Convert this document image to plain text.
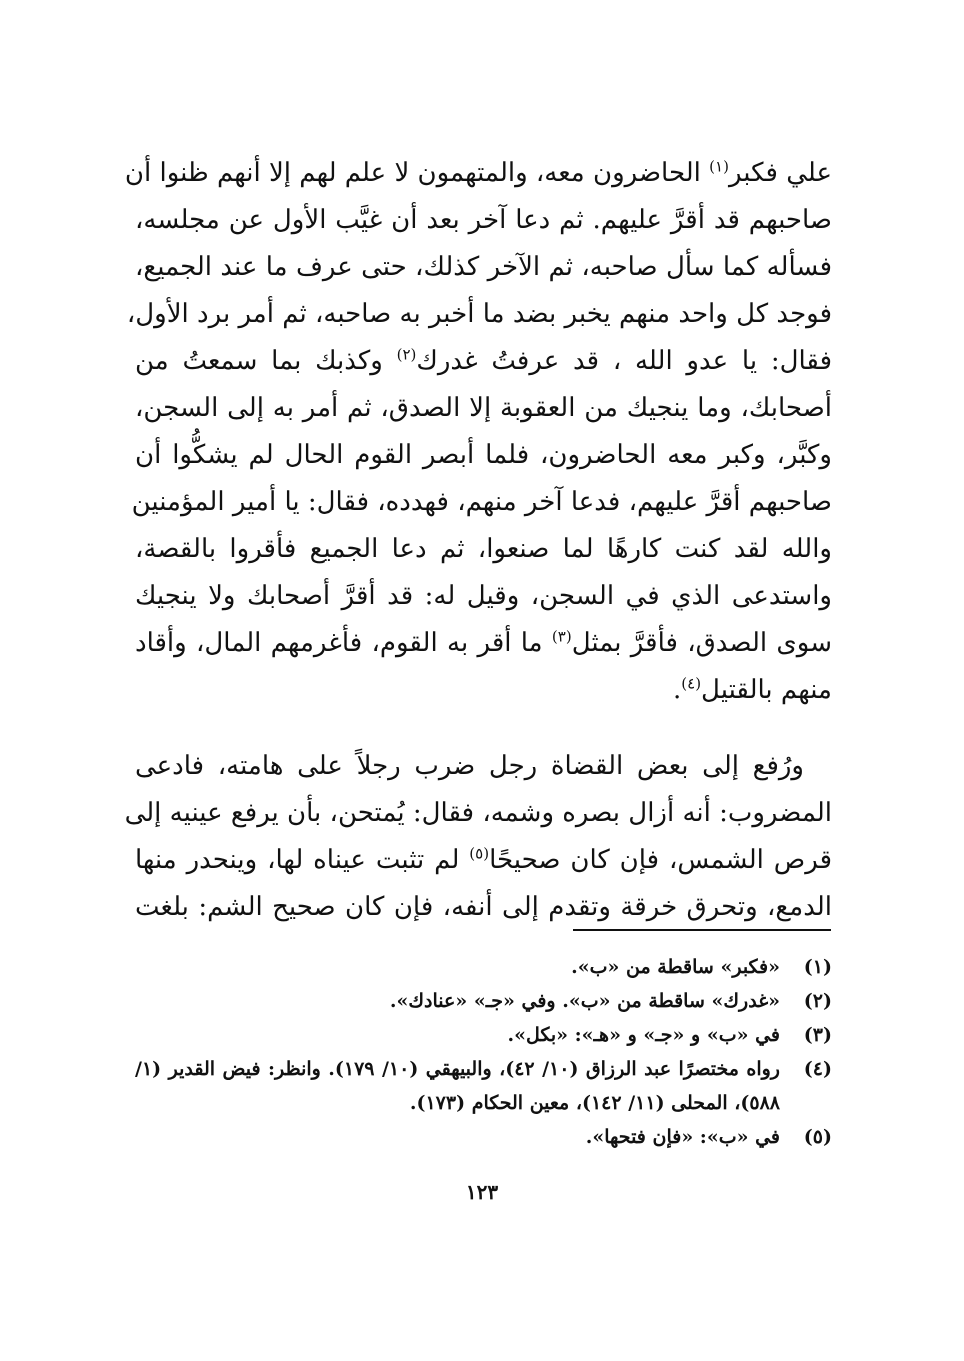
علي فكبر$^{(١)}$ الحاضرون معه، والمتهمون لا علم لهم إلا أنهم ظنوا أن
صاحبهم قد أقرَّ عليهم. ثم دعا آخر بعد أن غيَّب الأول عن مجلسه،
فسأله كما سأل صاحبه، ثم الآخر كذلك، حتى عرف ما عند الجميع،
فوجد كل واحد منهم يخبر بضد ما أخبر به صاحبه، ثم أمر برد الأول،
فقال: يا عدو الله ، قد عرفتُ غدرك$^{(٢)}$ وكذبك بما سمعتُ من
أصحابك، وما ينجيك من العقوبة إلا الصدق، ثم أمر به إلى السجن،
وكبَّر، وكبر معه الحاضرون، فلما أبصر القوم الحال لم يشكُّوا أن
صاحبهم أقرَّ عليهم، فدعا آخر منهم، فهدده، فقال: يا أمير المؤمنين
والله لقد كنت كارهًا لما صنعوا، ثم دعا الجميع فأقروا بالقصة،
واستدعى الذي في السجن، وقيل له: قد أقرَّ أصحابك ولا ينجيك
سوى الصدق، فأقرَّ بمثل$^{(٣)}$ ما أقر به القوم، فأغرمهم المال، وأقاد
منهم بالقتيل$^{(٤)}$.
ورُفع إلى بعض القضاة رجل ضرب رجلاً على هامته، فادعى
المضروب: أنه أزال بصره وشمه، فقال: يُمتحن، بأن يرفع عينيه إلى
قرص الشمس، فإن كان صحيحًا$^{(٥)}$ لم تثبت عيناه لها، وينحدر منها
الدمع، وتحرق خرقة وتقدم إلى أنفه، فإن كان صحيح الشم: بلغت
(١)
«فكبر» ساقطة من «ب».
(٢)
«غدرك» ساقطة من «ب». وفي «جـ» «عنادك».
(٣)
في «ب» و «جـ» و «هـ»: «بكل».
(٤)
رواه مختصرًا عبد الرزاق (١٠/ ٤٢)، والبيهقي (١٠/ ١٧٩). وانظر: فيض القدير (١/ ٥٨٨)، المحلى (١١/ ١٤٢)، معين الحكام (١٧٣).
(٥)
في «ب»: «فإن فتحها».
١٢٣
